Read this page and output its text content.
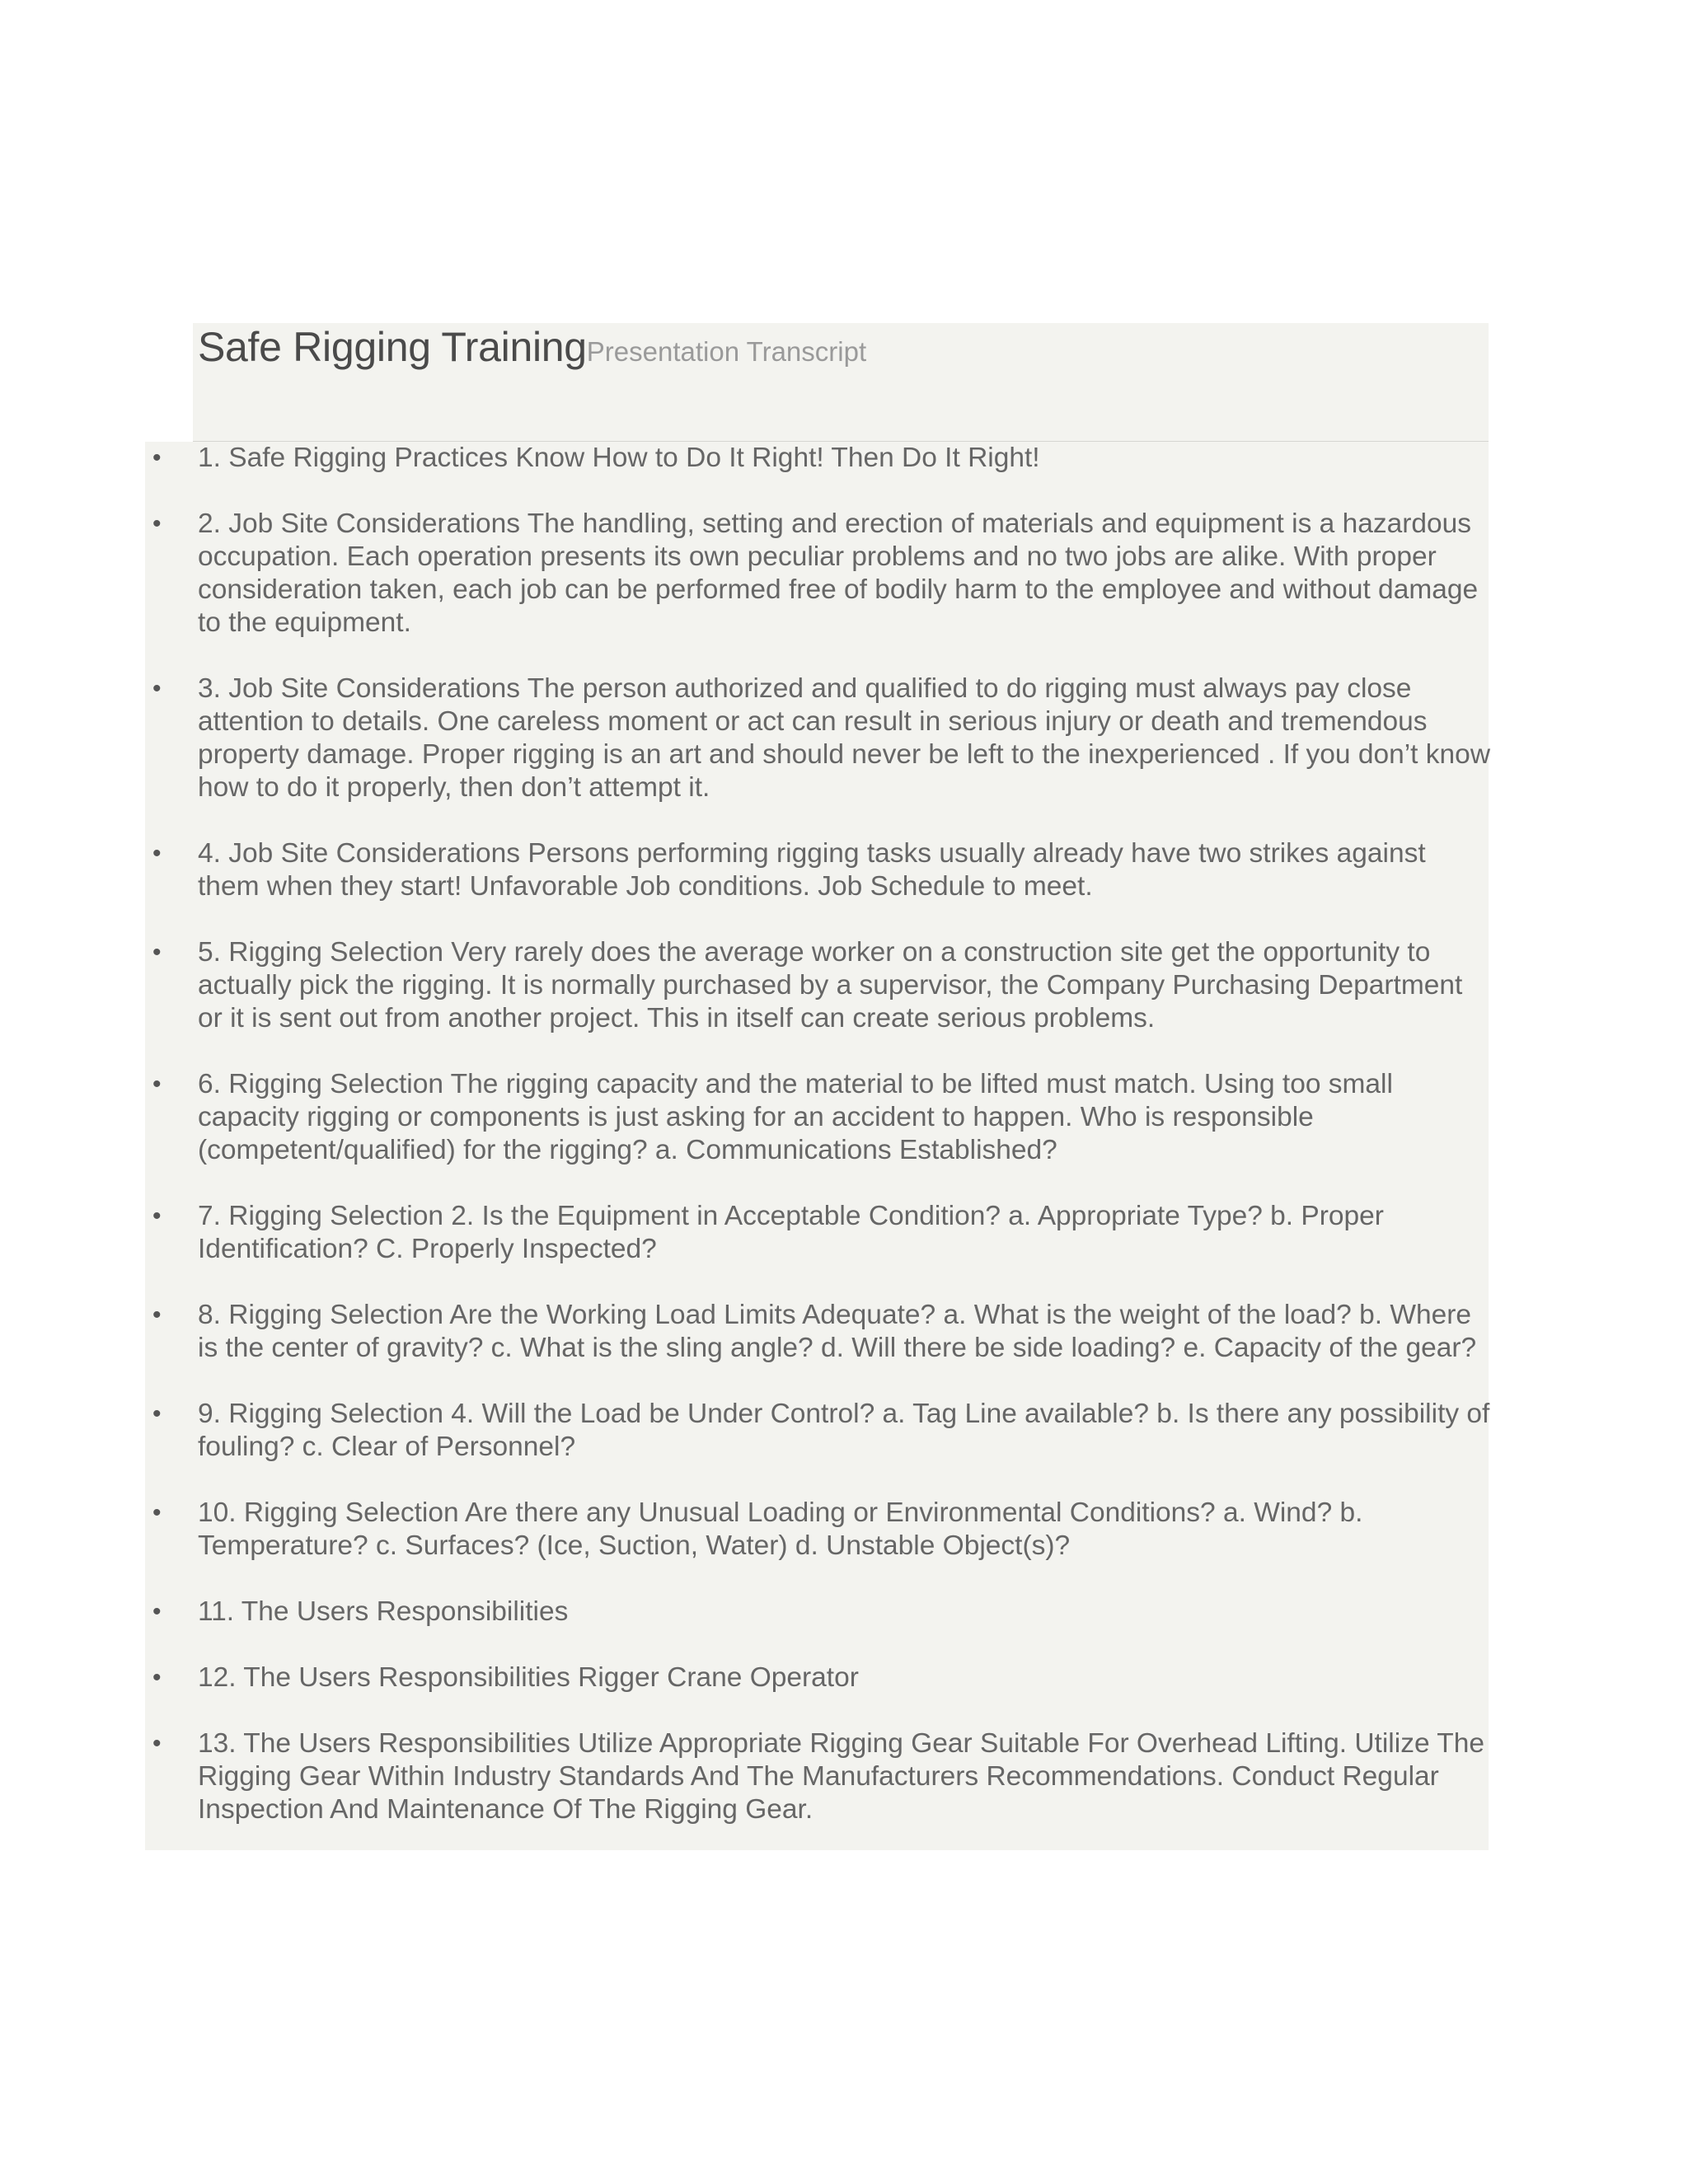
Safe Rigging TrainingPresentation Transcript
• 1. Safe Rigging Practices Know How to Do It Right! Then Do It Right!
• 2. Job Site Considerations The handling, setting and erection of materials and equipment is a hazardous occupation. Each operation presents its own peculiar problems and no two jobs are alike. With proper consideration taken, each job can be performed free of bodily harm to the employee and without damage to the equipment.
• 3. Job Site Considerations The person authorized and qualified to do rigging must always pay close attention to details. One careless moment or act can result in serious injury or death and tremendous property damage. Proper rigging is an art and should never be left to the inexperienced . If you don’t know how to do it properly, then don’t attempt it.
• 4. Job Site Considerations Persons performing rigging tasks usually already have two strikes against them when they start! Unfavorable Job conditions. Job Schedule to meet.
• 5. Rigging Selection Very rarely does the average worker on a construction site get the opportunity to actually pick the rigging. It is normally purchased by a supervisor, the Company Purchasing Department or it is sent out from another project. This in itself can create serious problems.
• 6. Rigging Selection The rigging capacity and the material to be lifted must match. Using too small capacity rigging or components is just asking for an accident to happen. Who is responsible (competent/qualified) for the rigging? a. Communications Established?
• 7. Rigging Selection 2. Is the Equipment in Acceptable Condition? a. Appropriate Type? b. Proper Identification? C. Properly Inspected?
• 8. Rigging Selection Are the Working Load Limits Adequate? a. What is the weight of the load? b. Where is the center of gravity? c. What is the sling angle? d. Will there be side loading? e. Capacity of the gear?
• 9. Rigging Selection 4. Will the Load be Under Control? a. Tag Line available? b. Is there any possibility of fouling? c. Clear of Personnel?
• 10. Rigging Selection Are there any Unusual Loading or Environmental Conditions? a. Wind? b. Temperature? c. Surfaces? (Ice, Suction, Water) d. Unstable Object(s)?
• 11. The Users Responsibilities
• 12. The Users Responsibilities Rigger Crane Operator
• 13. The Users Responsibilities Utilize Appropriate Rigging Gear Suitable For Overhead Lifting. Utilize The Rigging Gear Within Industry Standards And The Manufacturers Recommendations. Conduct Regular Inspection And Maintenance Of The Rigging Gear.
